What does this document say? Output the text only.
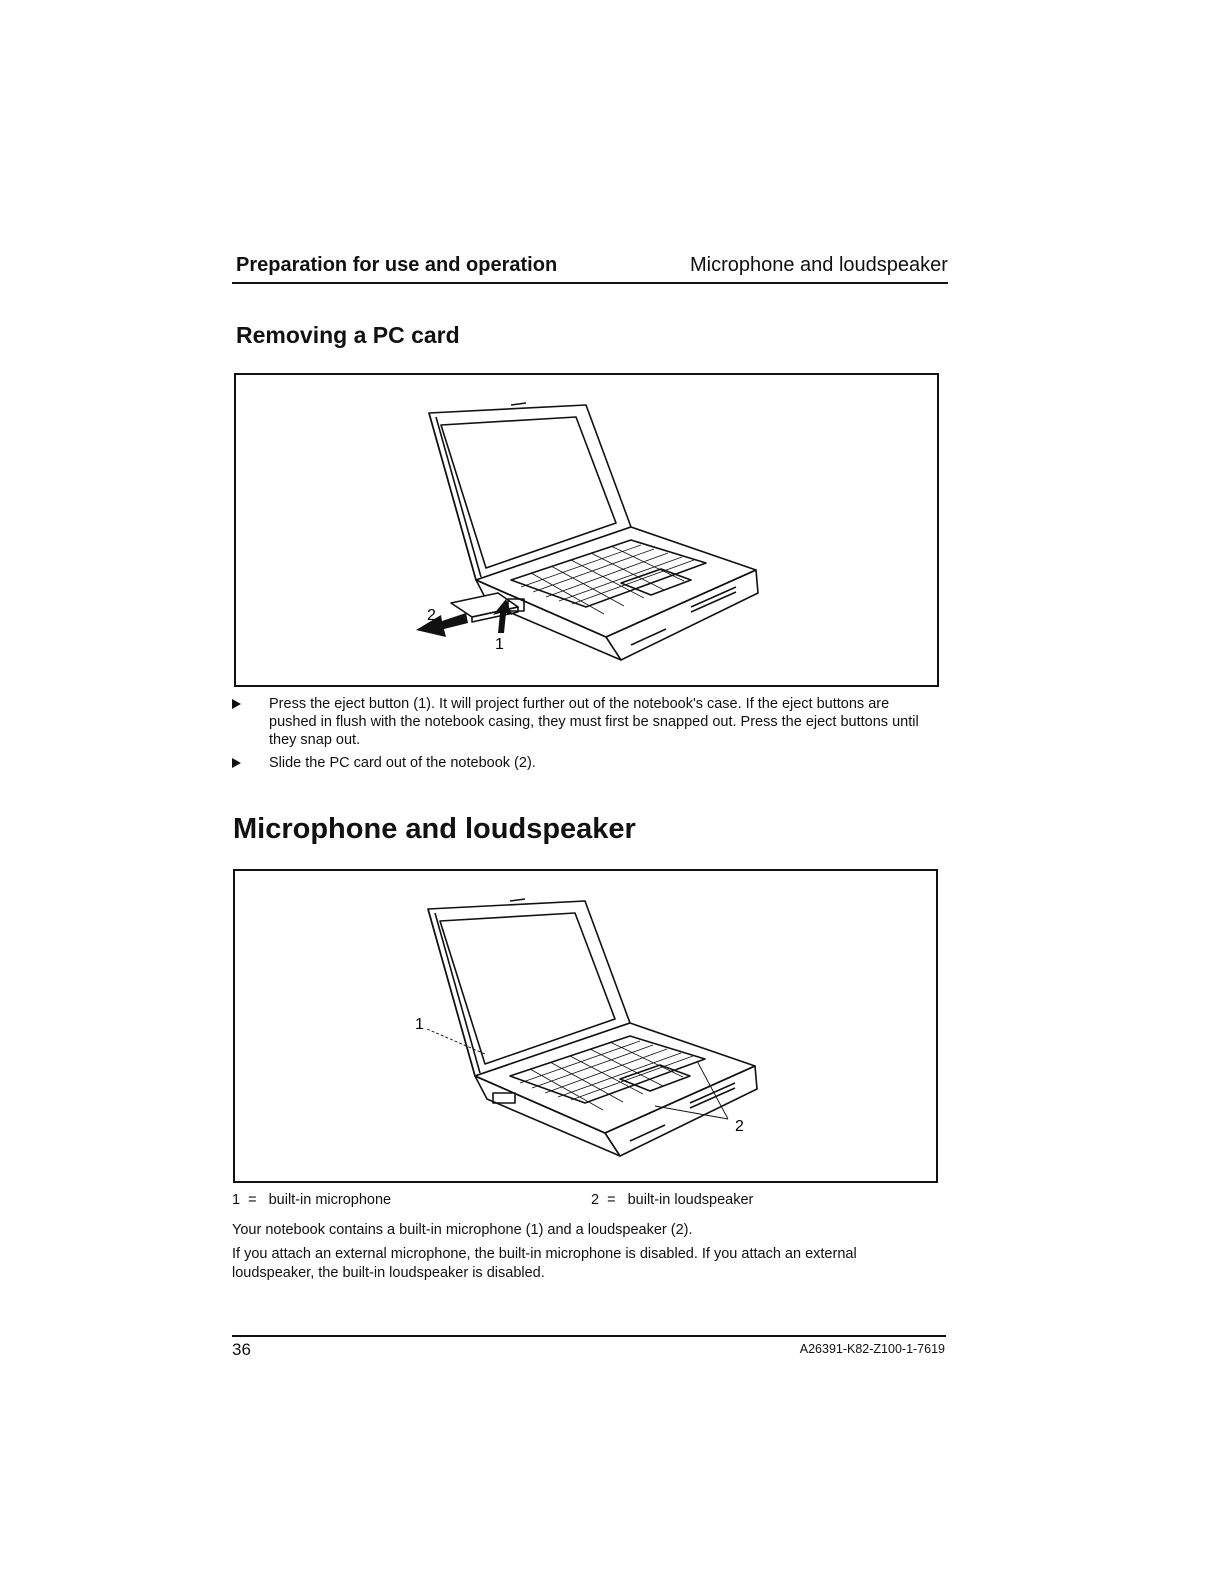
Preparation for use and operation	Microphone and loudspeaker
Removing a PC card
2
1
Press the eject button (1). It will project further out of the notebook's case. If the eject buttons are pushed in flush with the notebook casing, they must first be snapped out. Press the eject buttons until they snap out.
Slide the PC card out of the notebook (2).
Microphone and loudspeaker
1
2
1 = built-in microphone	2 = built-in loudspeaker
Your notebook contains a built-in microphone (1) and a loudspeaker (2).
If you attach an external microphone, the built-in microphone is disabled. If you attach an external loudspeaker, the built-in loudspeaker is disabled.
36	A26391-K82-Z100-1-7619
